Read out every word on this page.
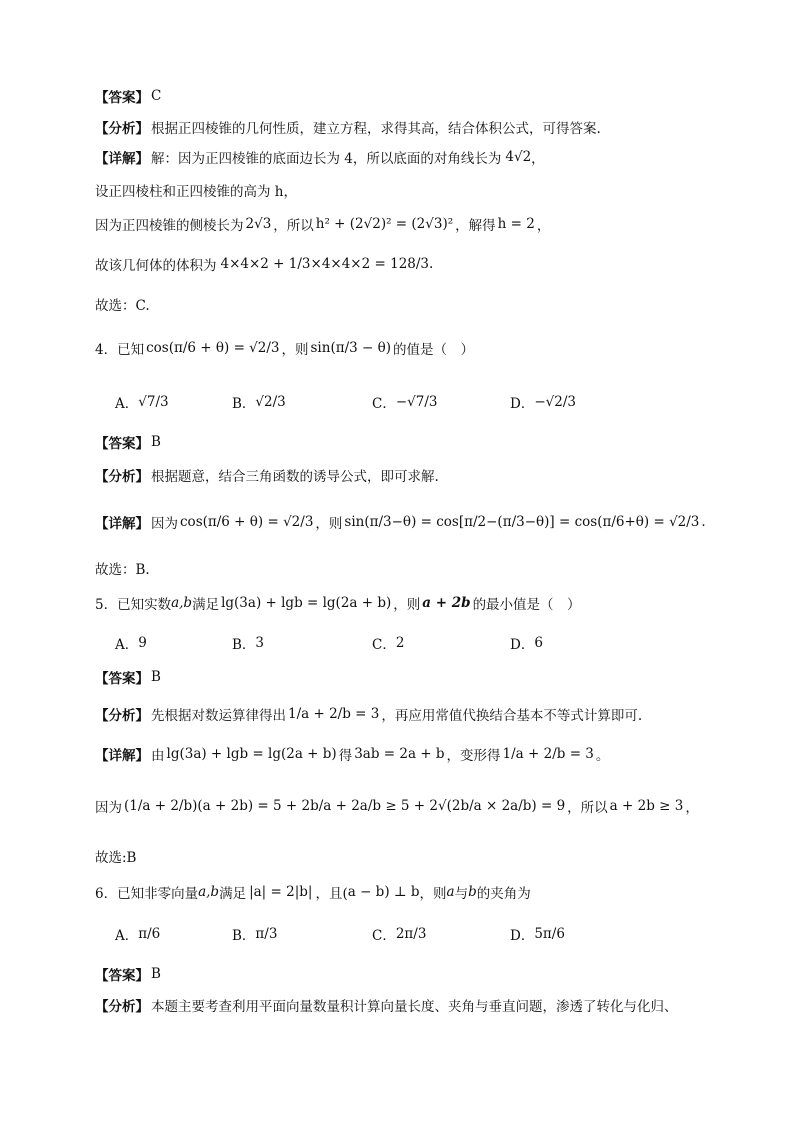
【答案】 C
【分析】 根据正四棱锥的几何性质，建立方程，求得其高，结合体积公式，可得答案.
【详解】 解：因为正四棱锥的底面边长为 4，所以底面的对角线长为 4√2 ，
设正四棱柱和正四棱锥的高为 h，
因为正四棱锥的侧棱长为 2√3 ，所以 h² + (2√2)² = (2√3)² ，解得 h = 2 ，
故该几何体的体积为 4×4×2 + 1/3×4×4×2 = 128/3 .
故选：C.
4． 已知 cos(π/6 + θ) = √2/3 ，则 sin(π/3 − θ) 的值是（　）
A． √7/3	B． √2/3	C． −√7/3	D． −√2/3
【答案】 B
【分析】 根据题意，结合三角函数的诱导公式，即可求解.
【详解】 因为 cos(π/6 + θ) = √2/3 ，则 sin(π/3−θ) = cos[π/2−(π/3−θ)] = cos(π/6+θ) = √2/3 .
故选：B.
5． 已知实数 a,b 满足 lg(3a) + lgb = lg(2a + b) ，则 a + 2b 的最小值是（　）
A． 9	B． 3	C． 2	D． 6
【答案】 B
【分析】 先根据对数运算律得出 1/a + 2/b = 3 ，再应用常值代换结合基本不等式计算即可.
【详解】 由 lg(3a) + lgb = lg(2a + b) 得 3ab = 2a + b ，变形得 1/a + 2/b = 3 。
因为 (1/a + 2/b)(a + 2b) = 5 + 2b/a + 2a/b ≥ 5 + 2√(2b/a × 2a/b) = 9 ，所以 a + 2b ≥ 3 ，
故选:B
6． 已知非零向量 a,b 满足 |a| = 2|b| ，且( a − b) ⊥ b ，则 a 与 b 的夹角为
A． π/6	B． π/3	C． 2π/3	D． 5π/6
【答案】 B
【分析】 本题主要考查利用平面向量数量积计算向量长度、夹角与垂直问题，渗透了转化与化归、
